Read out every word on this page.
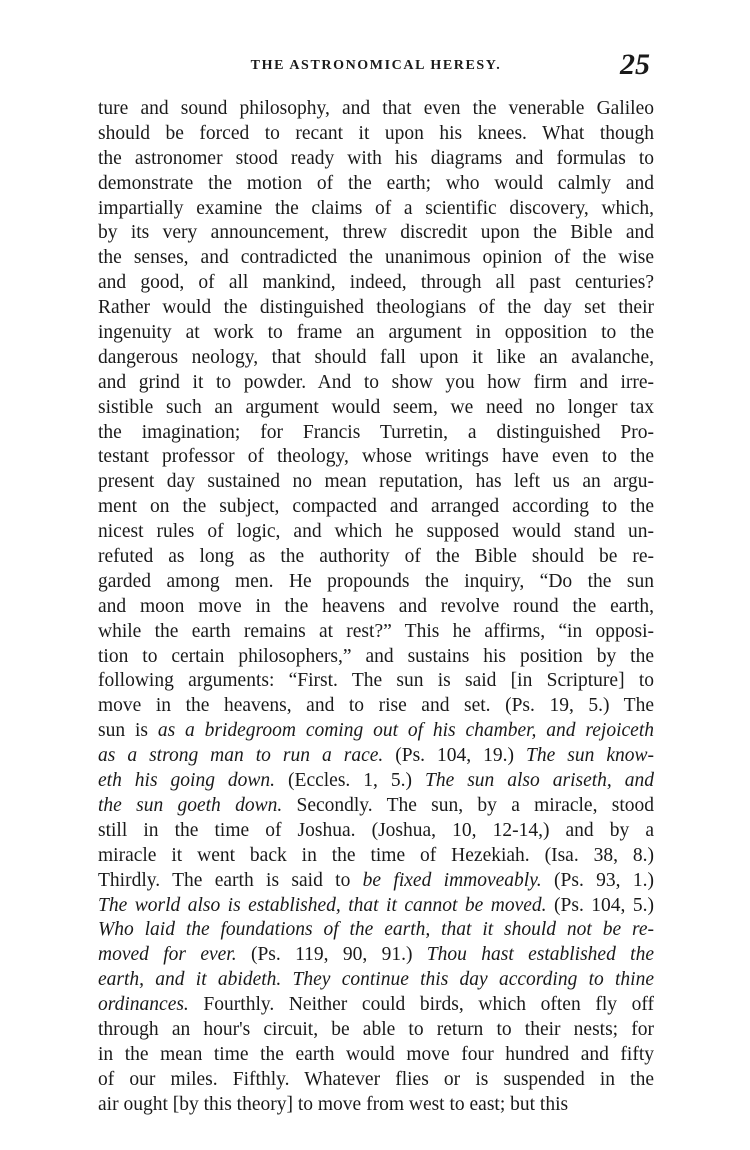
THE ASTRONOMICAL HERESY.	25
ture and sound philosophy, and that even the venerable Galileo
should be forced to recant it upon his knees. What though
the astronomer stood ready with his diagrams and formulas to
demonstrate the motion of the earth; who would calmly and
impartially examine the claims of a scientific discovery, which,
by its very announcement, threw discredit upon the Bible and
the senses, and contradicted the unanimous opinion of the wise
and good, of all mankind, indeed, through all past centuries?
Rather would the distinguished theologians of the day set their
ingenuity at work to frame an argument in opposition to the
dangerous neology, that should fall upon it like an avalanche,
and grind it to powder. And to show you how firm and irre-
sistible such an argument would seem, we need no longer tax
the imagination; for Francis Turretin, a distinguished Pro-
testant professor of theology, whose writings have even to the
present day sustained no mean reputation, has left us an argu-
ment on the subject, compacted and arranged according to the
nicest rules of logic, and which he supposed would stand un-
refuted as long as the authority of the Bible should be re-
garded among men. He propounds the inquiry, “Do the sun
and moon move in the heavens and revolve round the earth,
while the earth remains at rest?” This he affirms, “in opposi-
tion to certain philosophers,” and sustains his position by the
following arguments: “First. The sun is said [in Scripture] to
move in the heavens, and to rise and set. (Ps. 19, 5.) The
sun is as a bridegroom coming out of his chamber, and rejoiceth
as a strong man to run a race. (Ps. 104, 19.) The sun know-
eth his going down. (Eccles. 1, 5.) The sun also ariseth, and
the sun goeth down. Secondly. The sun, by a miracle, stood
still in the time of Joshua. (Joshua, 10, 12-14,) and by a
miracle it went back in the time of Hezekiah. (Isa. 38, 8.)
Thirdly. The earth is said to be fixed immoveably. (Ps. 93, 1.)
The world also is established, that it cannot be moved. (Ps. 104, 5.)
Who laid the foundations of the earth, that it should not be re-
moved for ever. (Ps. 119, 90, 91.) Thou hast established the
earth, and it abideth. They continue this day according to thine
ordinances. Fourthly. Neither could birds, which often fly off
through an hour's circuit, be able to return to their nests; for
in the mean time the earth would move four hundred and fifty
of our miles. Fifthly. Whatever flies or is suspended in the
air ought [by this theory] to move from west to east; but this
